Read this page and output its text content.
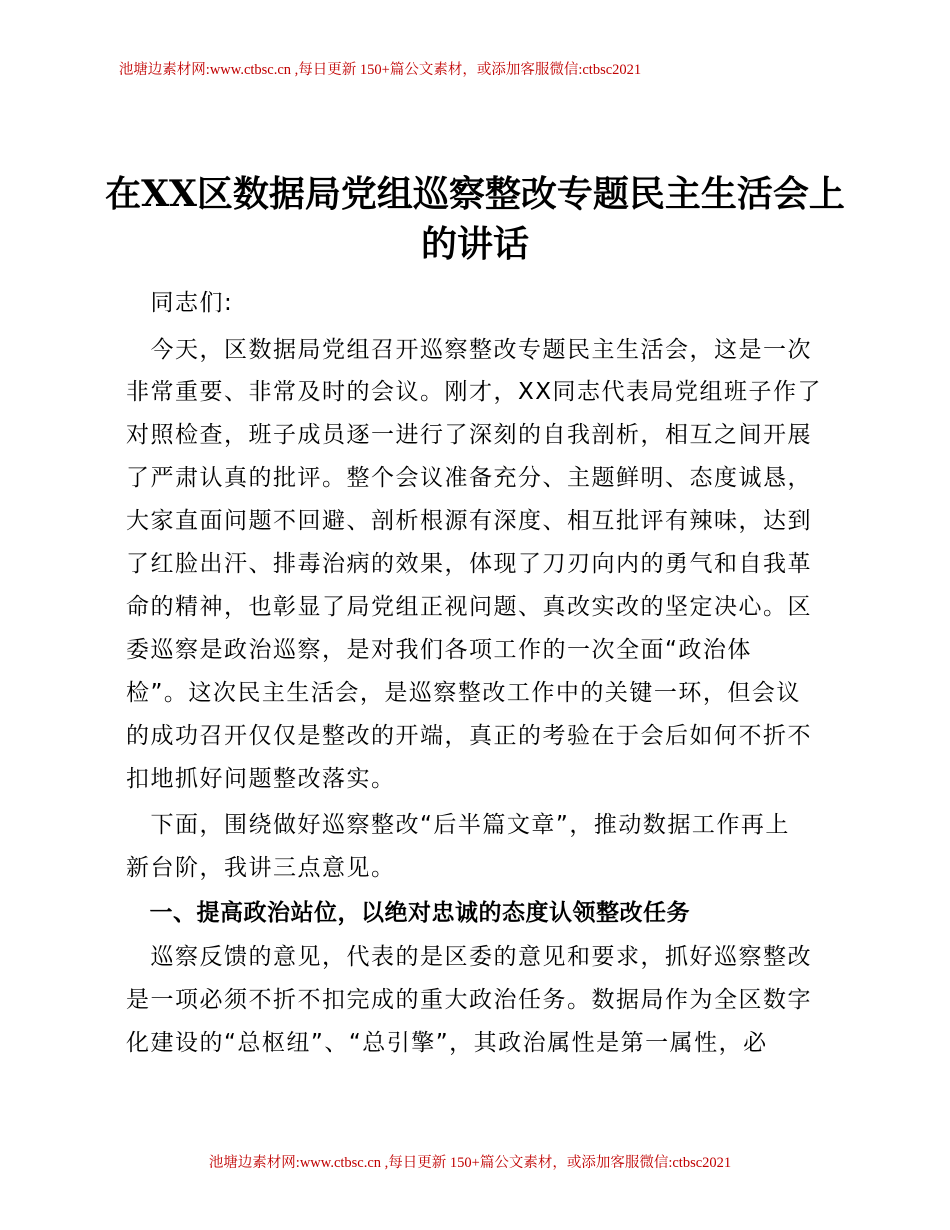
池塘边素材网:www.ctbsc.cn ,每日更新 150+篇公文素材，或添加客服微信:ctbsc2021
在XX区数据局党组巡察整改专题民主生活会上
的讲话
　同志们:
　今天，区数据局党组召开巡察整改专题民主生活会，这是一次
非常重要、非常及时的会议。刚才，XX同志代表局党组班子作了
对照检查，班子成员逐一进行了深刻的自我剖析，相互之间开展
了严肃认真的批评。整个会议准备充分、主题鲜明、态度诚恳，
大家直面问题不回避、剖析根源有深度、相互批评有辣味，达到
了红脸出汗、排毒治病的效果，体现了刀刃向内的勇气和自我革
命的精神，也彰显了局党组正视问题、真改实改的坚定决心。区
委巡察是政治巡察，是对我们各项工作的一次全面“政治体
检”。这次民主生活会，是巡察整改工作中的关键一环，但会议
的成功召开仅仅是整改的开端，真正的考验在于会后如何不折不
扣地抓好问题整改落实。
　下面，围绕做好巡察整改“后半篇文章”，推动数据工作再上
新台阶，我讲三点意见。
　一、提高政治站位，以绝对忠诚的态度认领整改任务
　巡察反馈的意见，代表的是区委的意见和要求，抓好巡察整改
是一项必须不折不扣完成的重大政治任务。数据局作为全区数字
化建设的“总枢纽”、“总引擎”，其政治属性是第一属性，必
池塘边素材网:www.ctbsc.cn ,每日更新 150+篇公文素材，或添加客服微信:ctbsc2021
